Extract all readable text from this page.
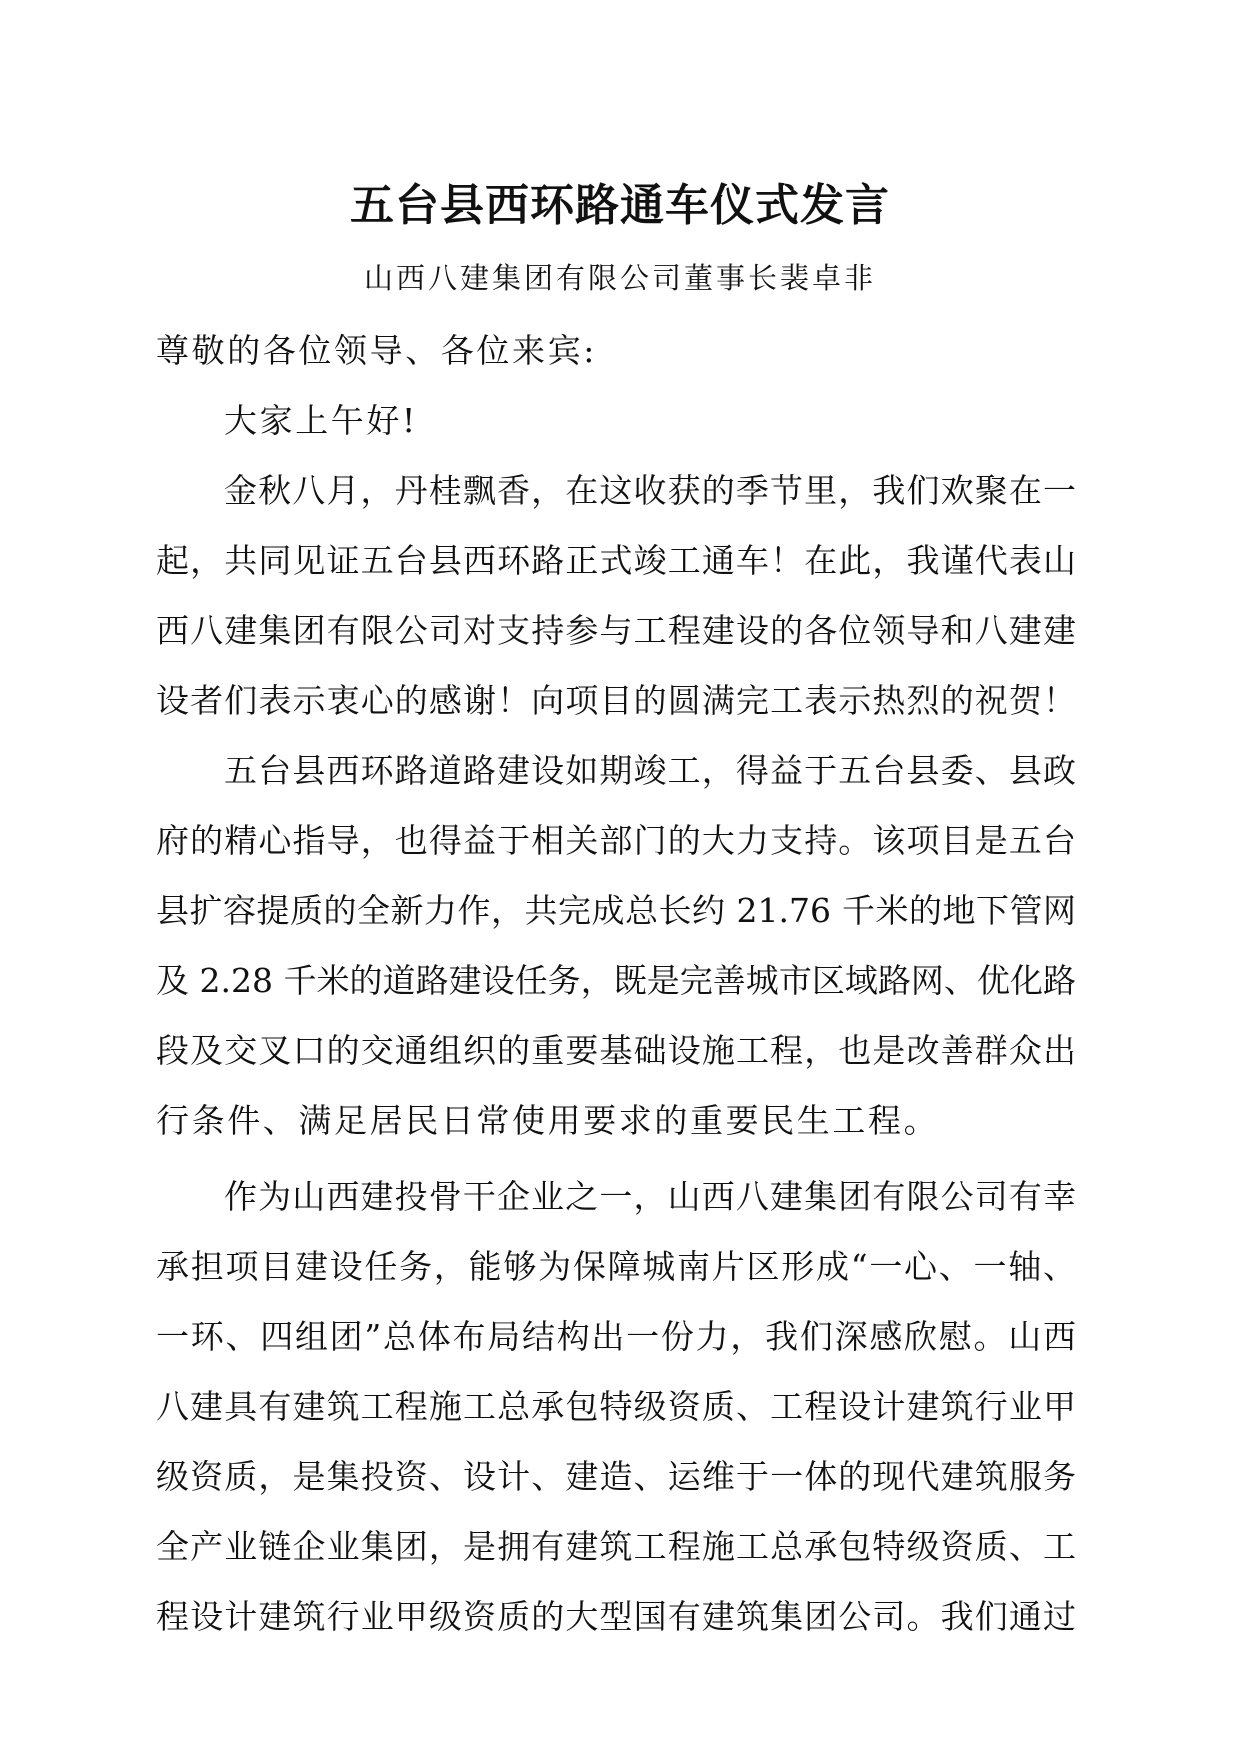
五台县西环路通车仪式发言

山西八建集团有限公司董事长裴卓非

尊敬的各位领导、各位来宾:
大家上午好!
金秋八月，丹桂飘香，在这收获的季节里，我们欢聚在一
起，共同见证五台县西环路正式竣工通车！在此，我谨代表山
西八建集团有限公司对支持参与工程建设的各位领导和八建建
设者们表示衷心的感谢！向项目的圆满完工表示热烈的祝贺！
五台县西环路道路建设如期竣工，得益于五台县委、县政
府的精心指导，也得益于相关部门的大力支持。该项目是五台
县扩容提质的全新力作，共完成总长约 21.76 千米的地下管网
及 2.28 千米的道路建设任务，既是完善城市区域路网、优化路
段及交叉口的交通组织的重要基础设施工程，也是改善群众出
行条件、满足居民日常使用要求的重要民生工程。
作为山西建投骨干企业之一，山西八建集团有限公司有幸
承担项目建设任务，能够为保障城南片区形成“一心、一轴、
一环、四组团”总体布局结构出一份力，我们深感欣慰。山西
八建具有建筑工程施工总承包特级资质、工程设计建筑行业甲
级资质，是集投资、设计、建造、运维于一体的现代建筑服务
全产业链企业集团，是拥有建筑工程施工总承包特级资质、工
程设计建筑行业甲级资质的大型国有建筑集团公司。我们通过
